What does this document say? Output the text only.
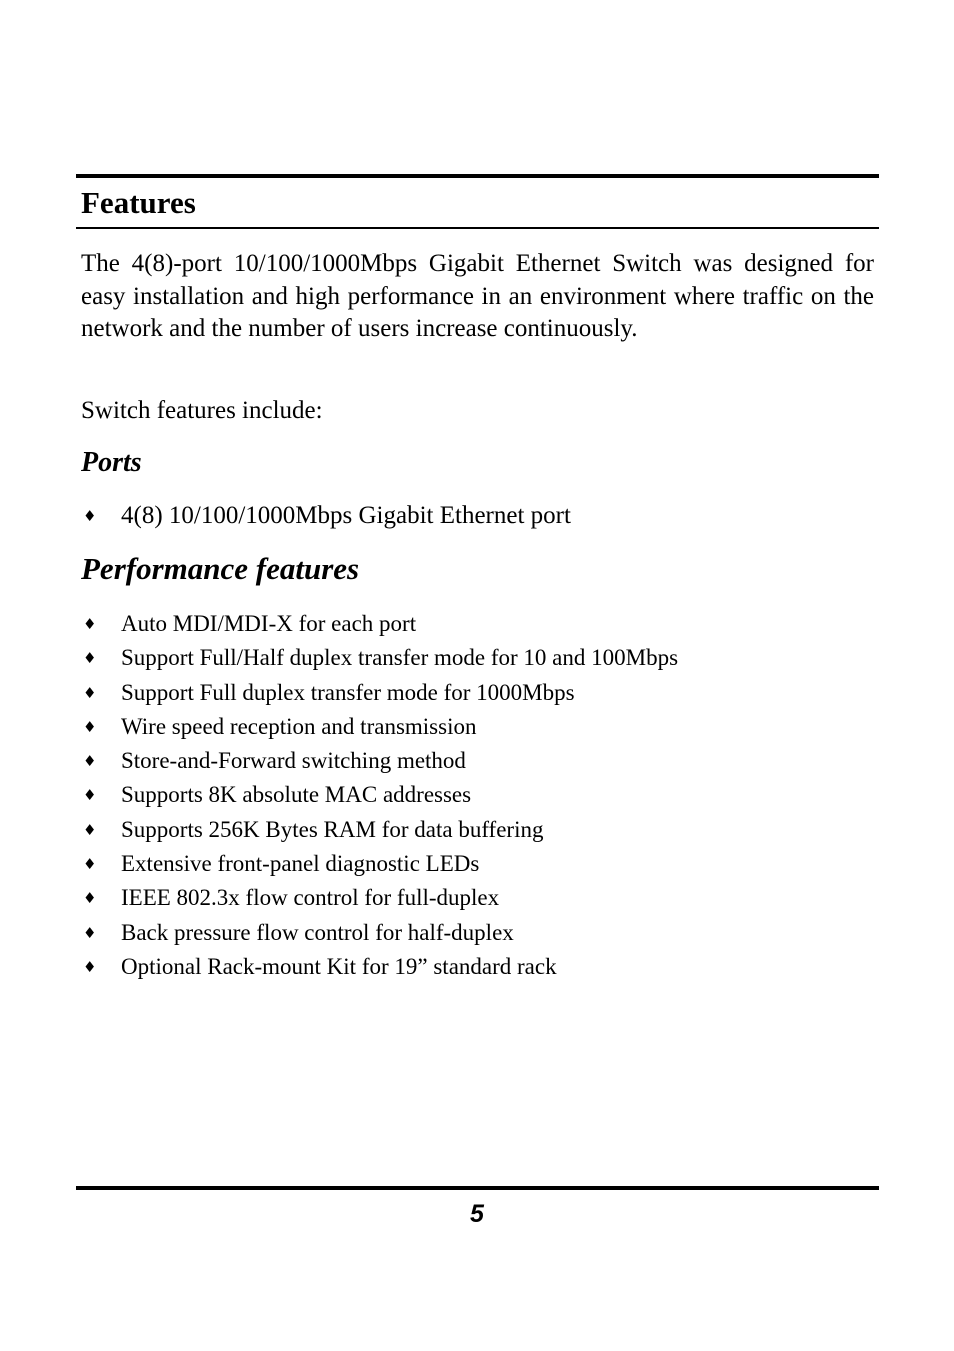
Features

The 4(8)-port 10/100/1000Mbps Gigabit Ethernet Switch was designed for easy installation and high performance in an environment where traffic on the network and the number of users increase continuously.

Switch features include:

Ports
♦ 4(8) 10/100/1000Mbps Gigabit Ethernet port
Performance features
♦ Auto MDI/MDI-X for each port
♦ Support Full/Half duplex transfer mode for 10 and 100Mbps
♦ Support Full duplex transfer mode for 1000Mbps
♦ Wire speed reception and transmission
♦ Store-and-Forward switching method
♦ Supports 8K absolute MAC addresses
♦ Supports 256K Bytes RAM for data buffering
♦ Extensive front-panel diagnostic LEDs
♦ IEEE 802.3x flow control for full-duplex
♦ Back pressure flow control for half-duplex
♦ Optional Rack-mount Kit for 19” standard rack
5
